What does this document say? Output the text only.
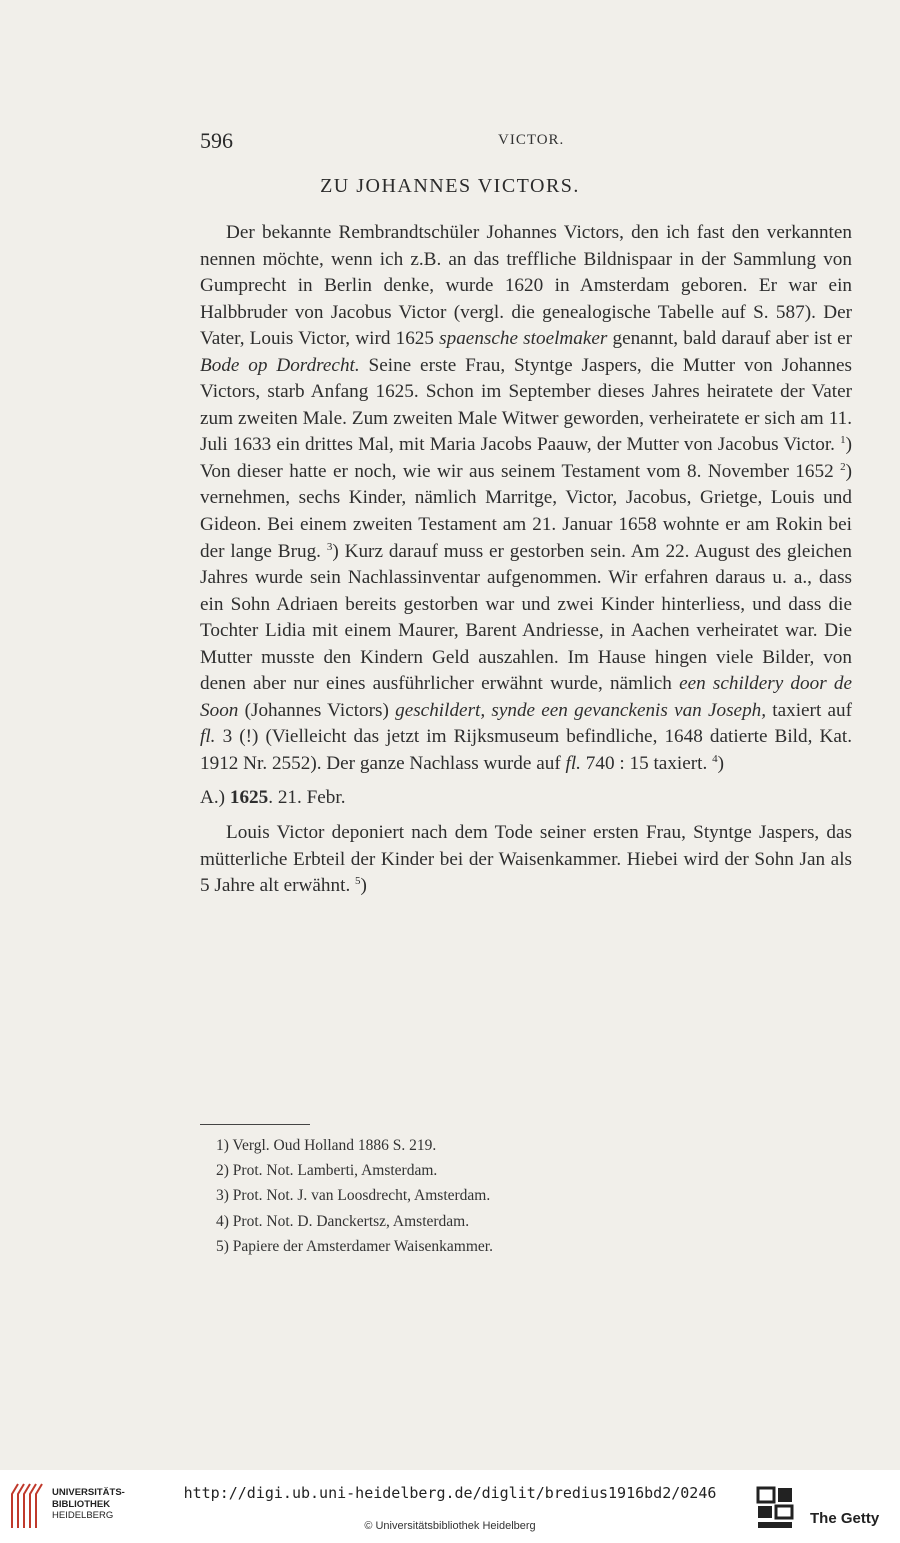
596	VICTOR.
ZU JOHANNES VICTORS.

Der bekannte Rembrandtschüler Johannes Victors, den ich fast den verkannten nennen möchte, wenn ich z.B. an das treffliche Bildnispaar in der Sammlung von Gumprecht in Berlin denke, wurde 1620 in Amsterdam geboren. Er war ein Halbbruder von Jacobus Victor (vergl. die genealogische Tabelle auf S. 587). Der Vater, Louis Victor, wird 1625 spaensche stoelmaker genannt, bald darauf aber ist er Bode op Dordrecht. Seine erste Frau, Styntge Jaspers, die Mutter von Johannes Victors, starb Anfang 1625. Schon im September dieses Jahres heiratete der Vater zum zweiten Male. Zum zweiten Male Witwer geworden, verheiratete er sich am 11. Juli 1633 ein drittes Mal, mit Maria Jacobs Paauw, der Mutter von Jacobus Victor. $^1$) Von dieser hatte er noch, wie wir aus seinem Testament vom 8. November 1652 $^2$) vernehmen, sechs Kinder, nämlich Marritge, Victor, Jacobus, Grietge, Louis und Gideon. Bei einem zweiten Testament am 21. Januar 1658 wohnte er am Rokin bei der lange Brug. $^3$) Kurz darauf muss er gestorben sein. Am 22. August des gleichen Jahres wurde sein Nachlassinventar aufgenommen. Wir erfahren daraus u. a., dass ein Sohn Adriaen bereits gestorben war und zwei Kinder hinterliess, und dass die Tochter Lidia mit einem Maurer, Barent Andriesse, in Aachen verheiratet war. Die Mutter musste den Kindern Geld auszahlen. Im Hause hingen viele Bilder, von denen aber nur eines ausführlicher erwähnt wurde, nämlich een schildery door de Soon (Johannes Victors) geschildert, synde een gevanckenis van Joseph, taxiert auf fl. 3 (!) (Vielleicht das jetzt im Rijksmuseum befindliche, 1648 datierte Bild, Kat. 1912 Nr. 2552). Der ganze Nachlass wurde auf fl. 740 : 15 taxiert. $^4$)

A.) 1625. 21. Febr.

Louis Victor deponiert nach dem Tode seiner ersten Frau, Styntge Jaspers, das mütterliche Erbteil der Kinder bei der Waisenkammer. Hiebei wird der Sohn Jan als 5 Jahre alt erwähnt. $^5$)

1) Vergl. Oud Holland 1886 S. 219.
2) Prot. Not. Lamberti, Amsterdam.
3) Prot. Not. J. van Loosdrecht, Amsterdam.
4) Prot. Not. D. Danckertsz, Amsterdam.
5) Papiere der Amsterdamer Waisenkammer.
UNIVERSITÄTS-
BIBLIOTHEK
HEIDELBERG
http://digi.ub.uni-heidelberg.de/diglit/bredius1916bd2/0246
© Universitätsbibliothek Heidelberg	The Getty
